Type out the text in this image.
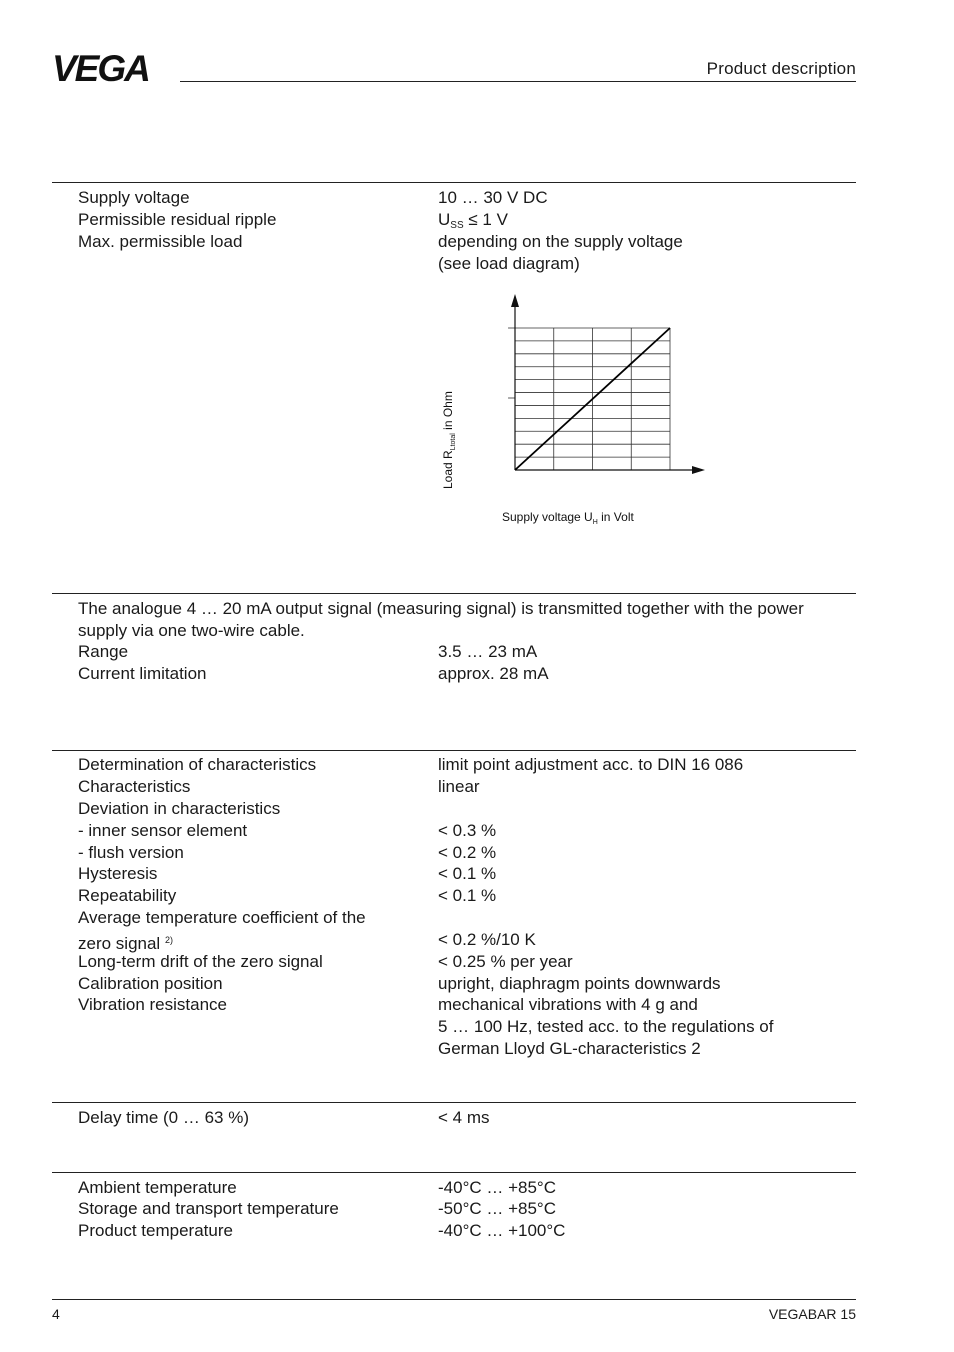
VEGA	Product description
Supply voltage	10 … 30 V DC
Permissible residual ripple	$U_{SS} \le 1$ V
Max. permissible load	depending on the supply voltage
(see load diagram)
Load $R_{Ltotal}$ in Ohm
Supply voltage $U_H$ in Volt
The analogue 4 … 20 mA output signal (measuring signal) is transmitted together with the power supply via one two-wire cable.
Range	3.5 … 23 mA
Current limitation	approx. 28 mA
Determination of characteristics	limit point adjustment acc. to DIN 16 086
Characteristics	linear
Deviation in characteristics
- inner sensor element	< 0.3 %
- flush version	< 0.2 %
Hysteresis	< 0.1 %
Repeatability	< 0.1 %
Average temperature coefficient of the
zero signal $^{2)}$	< 0.2 %/10 K
Long-term drift of the zero signal	< 0.25 % per year
Calibration position	upright, diaphragm points downwards
Vibration resistance	mechanical vibrations with 4 g and
5 … 100 Hz, tested acc. to the regulations of
German Lloyd GL-characteristics 2
Delay time (0 … 63 %)	< 4 ms
Ambient temperature	-40°C … +85°C
Storage and transport temperature	-50°C … +85°C
Product temperature	-40°C … +100°C
4	VEGABAR 15
